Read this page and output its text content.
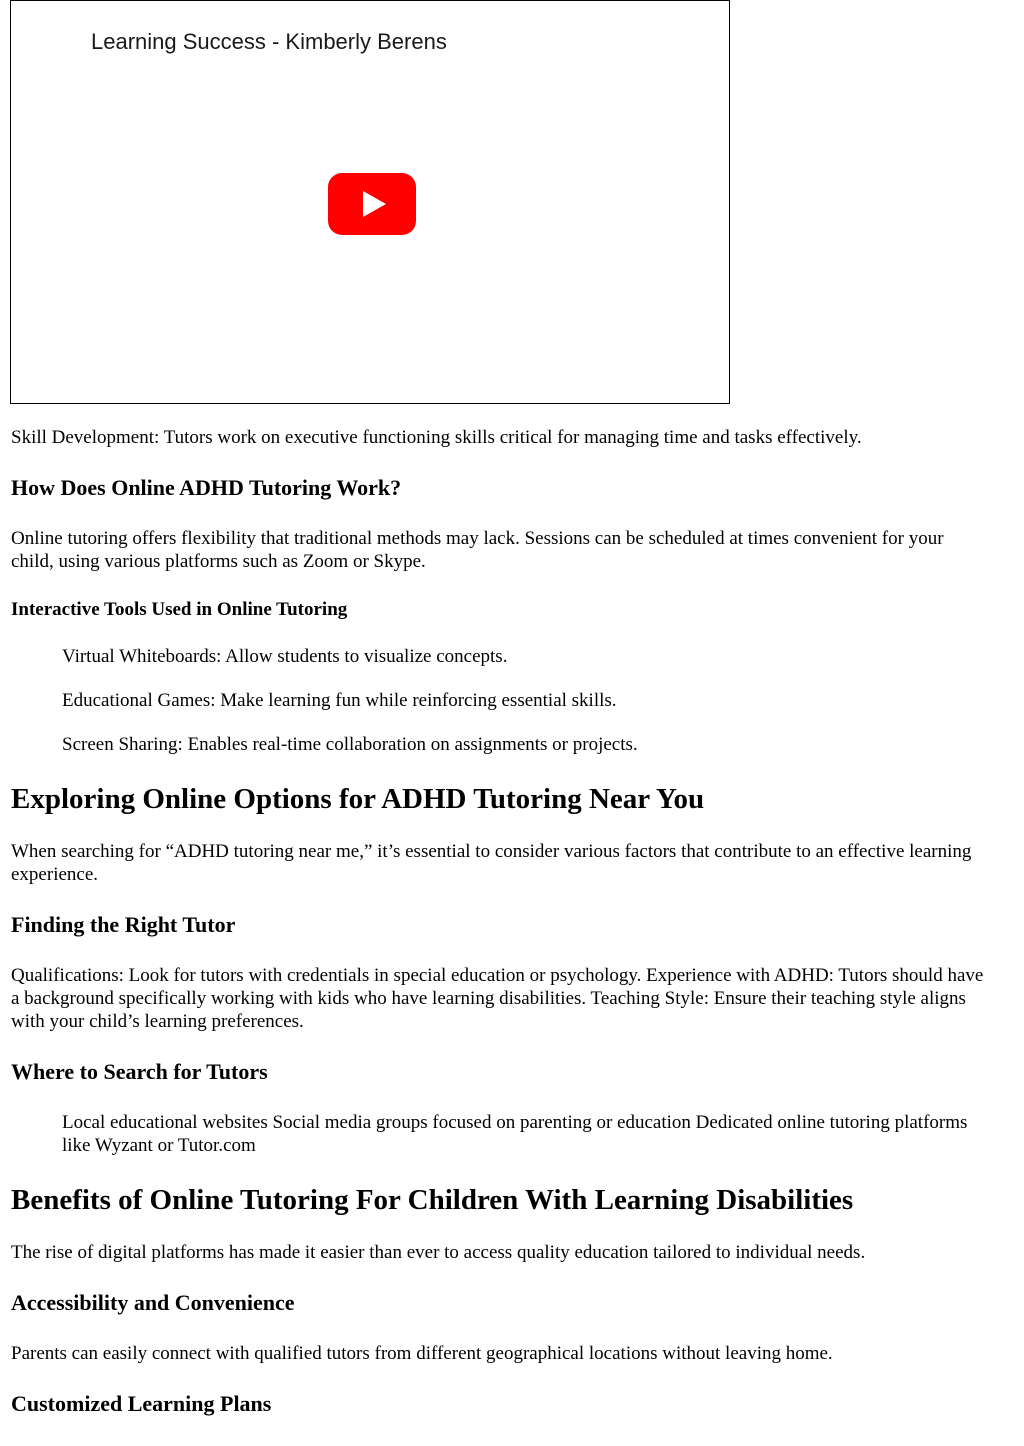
Learning Success - Kimberly Berens

Skill Development: Tutors work on executive functioning skills critical for managing time and tasks effectively.

How Does Online ADHD Tutoring Work?

Online tutoring offers flexibility that traditional methods may lack. Sessions can be scheduled at times convenient for your child, using various platforms such as Zoom or Skype.

Interactive Tools Used in Online Tutoring

Virtual Whiteboards: Allow students to visualize concepts.

Educational Games: Make learning fun while reinforcing essential skills.

Screen Sharing: Enables real-time collaboration on assignments or projects.

Exploring Online Options for ADHD Tutoring Near You

When searching for “ADHD tutoring near me,” it’s essential to consider various factors that contribute to an effective learning experience.

Finding the Right Tutor

Qualifications: Look for tutors with credentials in special education or psychology. Experience with ADHD: Tutors should have a background specifically working with kids who have learning disabilities. Teaching Style: Ensure their teaching style aligns with your child’s learning preferences.

Where to Search for Tutors

Local educational websites Social media groups focused on parenting or education Dedicated online tutoring platforms like Wyzant or Tutor.com

Benefits of Online Tutoring For Children With Learning Disabilities

The rise of digital platforms has made it easier than ever to access quality education tailored to individual needs.

Accessibility and Convenience

Parents can easily connect with qualified tutors from different geographical locations without leaving home.

Customized Learning Plans
